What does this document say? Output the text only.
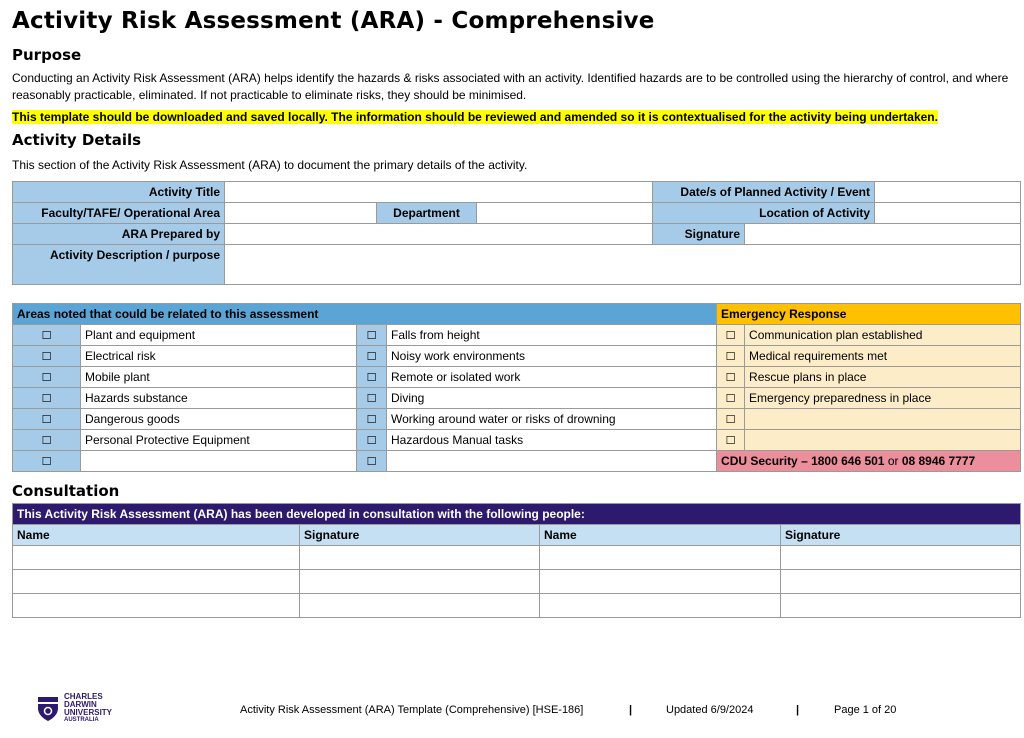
Activity Risk Assessment (ARA) - Comprehensive
Purpose

Conducting an Activity Risk Assessment (ARA) helps identify the hazards & risks associated with an activity. Identified hazards are to be controlled using the hierarchy of control, and where reasonably practicable, eliminated. If not practicable to eliminate risks, they should be minimised.

This template should be downloaded and saved locally. The information should be reviewed and amended so it is contextualised for the activity being undertaken.
Activity Details

This section of the Activity Risk Assessment (ARA) to document the primary details of the activity.

Activity Title				Date/s of Planned Activity / Event		
Faculty/TAFE/ Operational Area		Department		Location of Activity		
ARA Prepared by				Signature		
Activity Description / purpose						
Areas noted that could be related to this assessment				Emergency Response	
☐	Plant and equipment	☐	Falls from height	☐	Communication plan established
☐	Electrical risk	☐	Noisy work environments	☐	Medical requirements met
☐	Mobile plant	☐	Remote or isolated work	☐	Rescue plans in place
☐	Hazards substance	☐	Diving	☐	Emergency preparedness in place
☐	Dangerous goods	☐	Working around water or risks of drowning	☐	
☐	Personal Protective Equipment	☐	Hazardous Manual tasks	☐	
☐		☐		CDU Security – 1800 646 501 or 08 8946 7777	
Consultation
This Activity Risk Assessment (ARA) has been developed in consultation with the following people:			
Name	Signature	Name	Signature

CHARLES
DARWIN
UNIVERSITY
AUSTRALIA
Activity Risk Assessment (ARA) Template (Comprehensive) [HSE-186]	|	Updated 6/9/2024	|	Page 1 of 20
